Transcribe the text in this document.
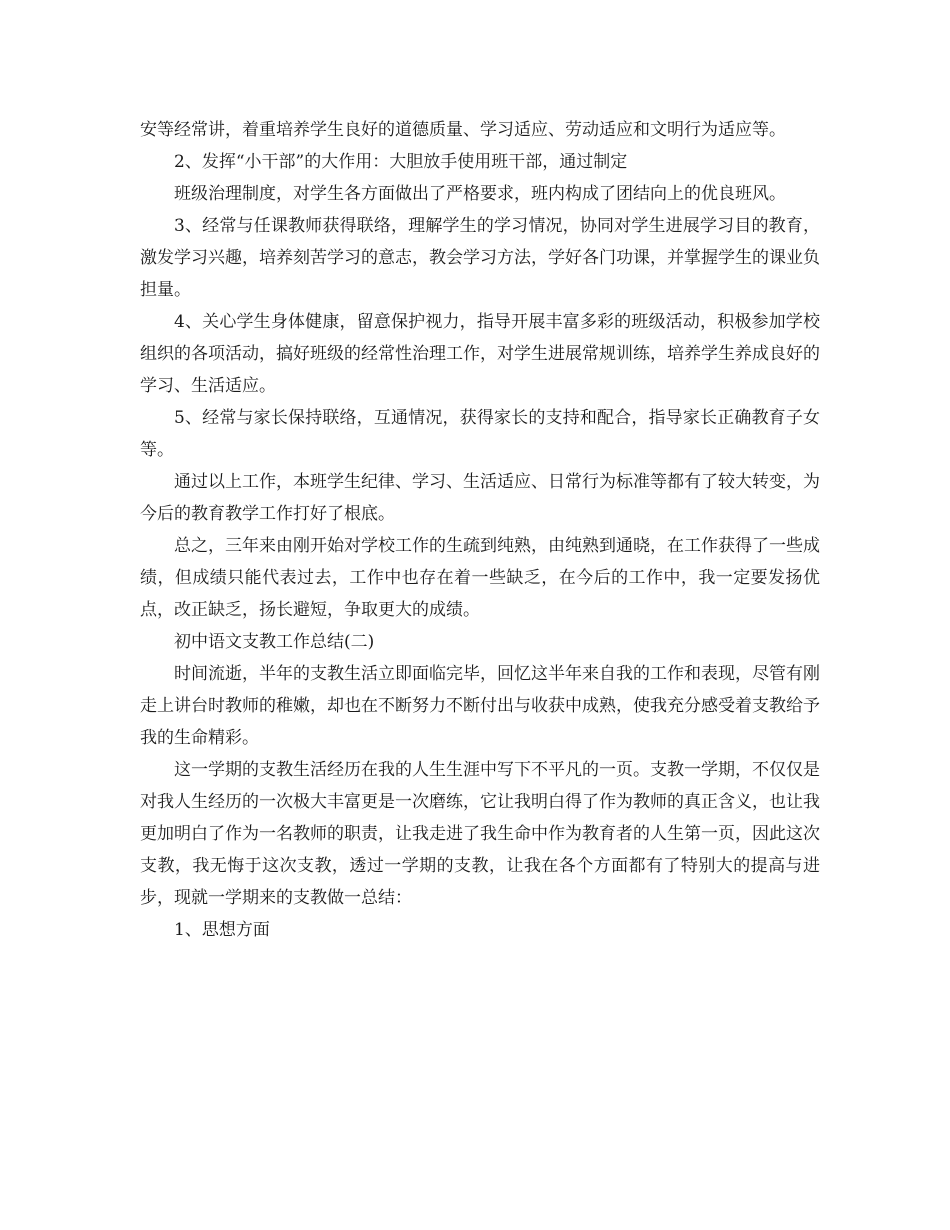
安等经常讲，着重培养学生良好的道德质量、学习适应、劳动适应和文明行为适应等。

2、发挥“小干部”的大作用：大胆放手使用班干部，通过制定

班级治理制度，对学生各方面做出了严格要求，班内构成了团结向上的优良班风。

3、经常与任课教师获得联络，理解学生的学习情况，协同对学生进展学习目的教育，激发学习兴趣，培养刻苦学习的意志，教会学习方法，学好各门功课，并掌握学生的课业负担量。

4、关心学生身体健康，留意保护视力，指导开展丰富多彩的班级活动，积极参加学校组织的各项活动，搞好班级的经常性治理工作，对学生进展常规训练，培养学生养成良好的学习、生活适应。

5、经常与家长保持联络，互通情况，获得家长的支持和配合，指导家长正确教育子女等。

通过以上工作，本班学生纪律、学习、生活适应、日常行为标准等都有了较大转变，为今后的教育教学工作打好了根底。

总之，三年来由刚开始对学校工作的生疏到纯熟，由纯熟到通晓，在工作获得了一些成绩，但成绩只能代表过去，工作中也存在着一些缺乏，在今后的工作中，我一定要发扬优点，改正缺乏，扬长避短，争取更大的成绩。

初中语文支教工作总结(二)

时间流逝，半年的支教生活立即面临完毕，回忆这半年来自我的工作和表现，尽管有刚走上讲台时教师的稚嫩，却也在不断努力不断付出与收获中成熟，使我充分感受着支教给予我的生命精彩。

这一学期的支教生活经历在我的人生生涯中写下不平凡的一页。支教一学期，不仅仅是对我人生经历的一次极大丰富更是一次磨练，它让我明白得了作为教师的真正含义，也让我更加明白了作为一名教师的职责，让我走进了我生命中作为教育者的人生第一页，因此这次支教，我无悔于这次支教，透过一学期的支教，让我在各个方面都有了特别大的提高与进步，现就一学期来的支教做一总结：

1、思想方面
